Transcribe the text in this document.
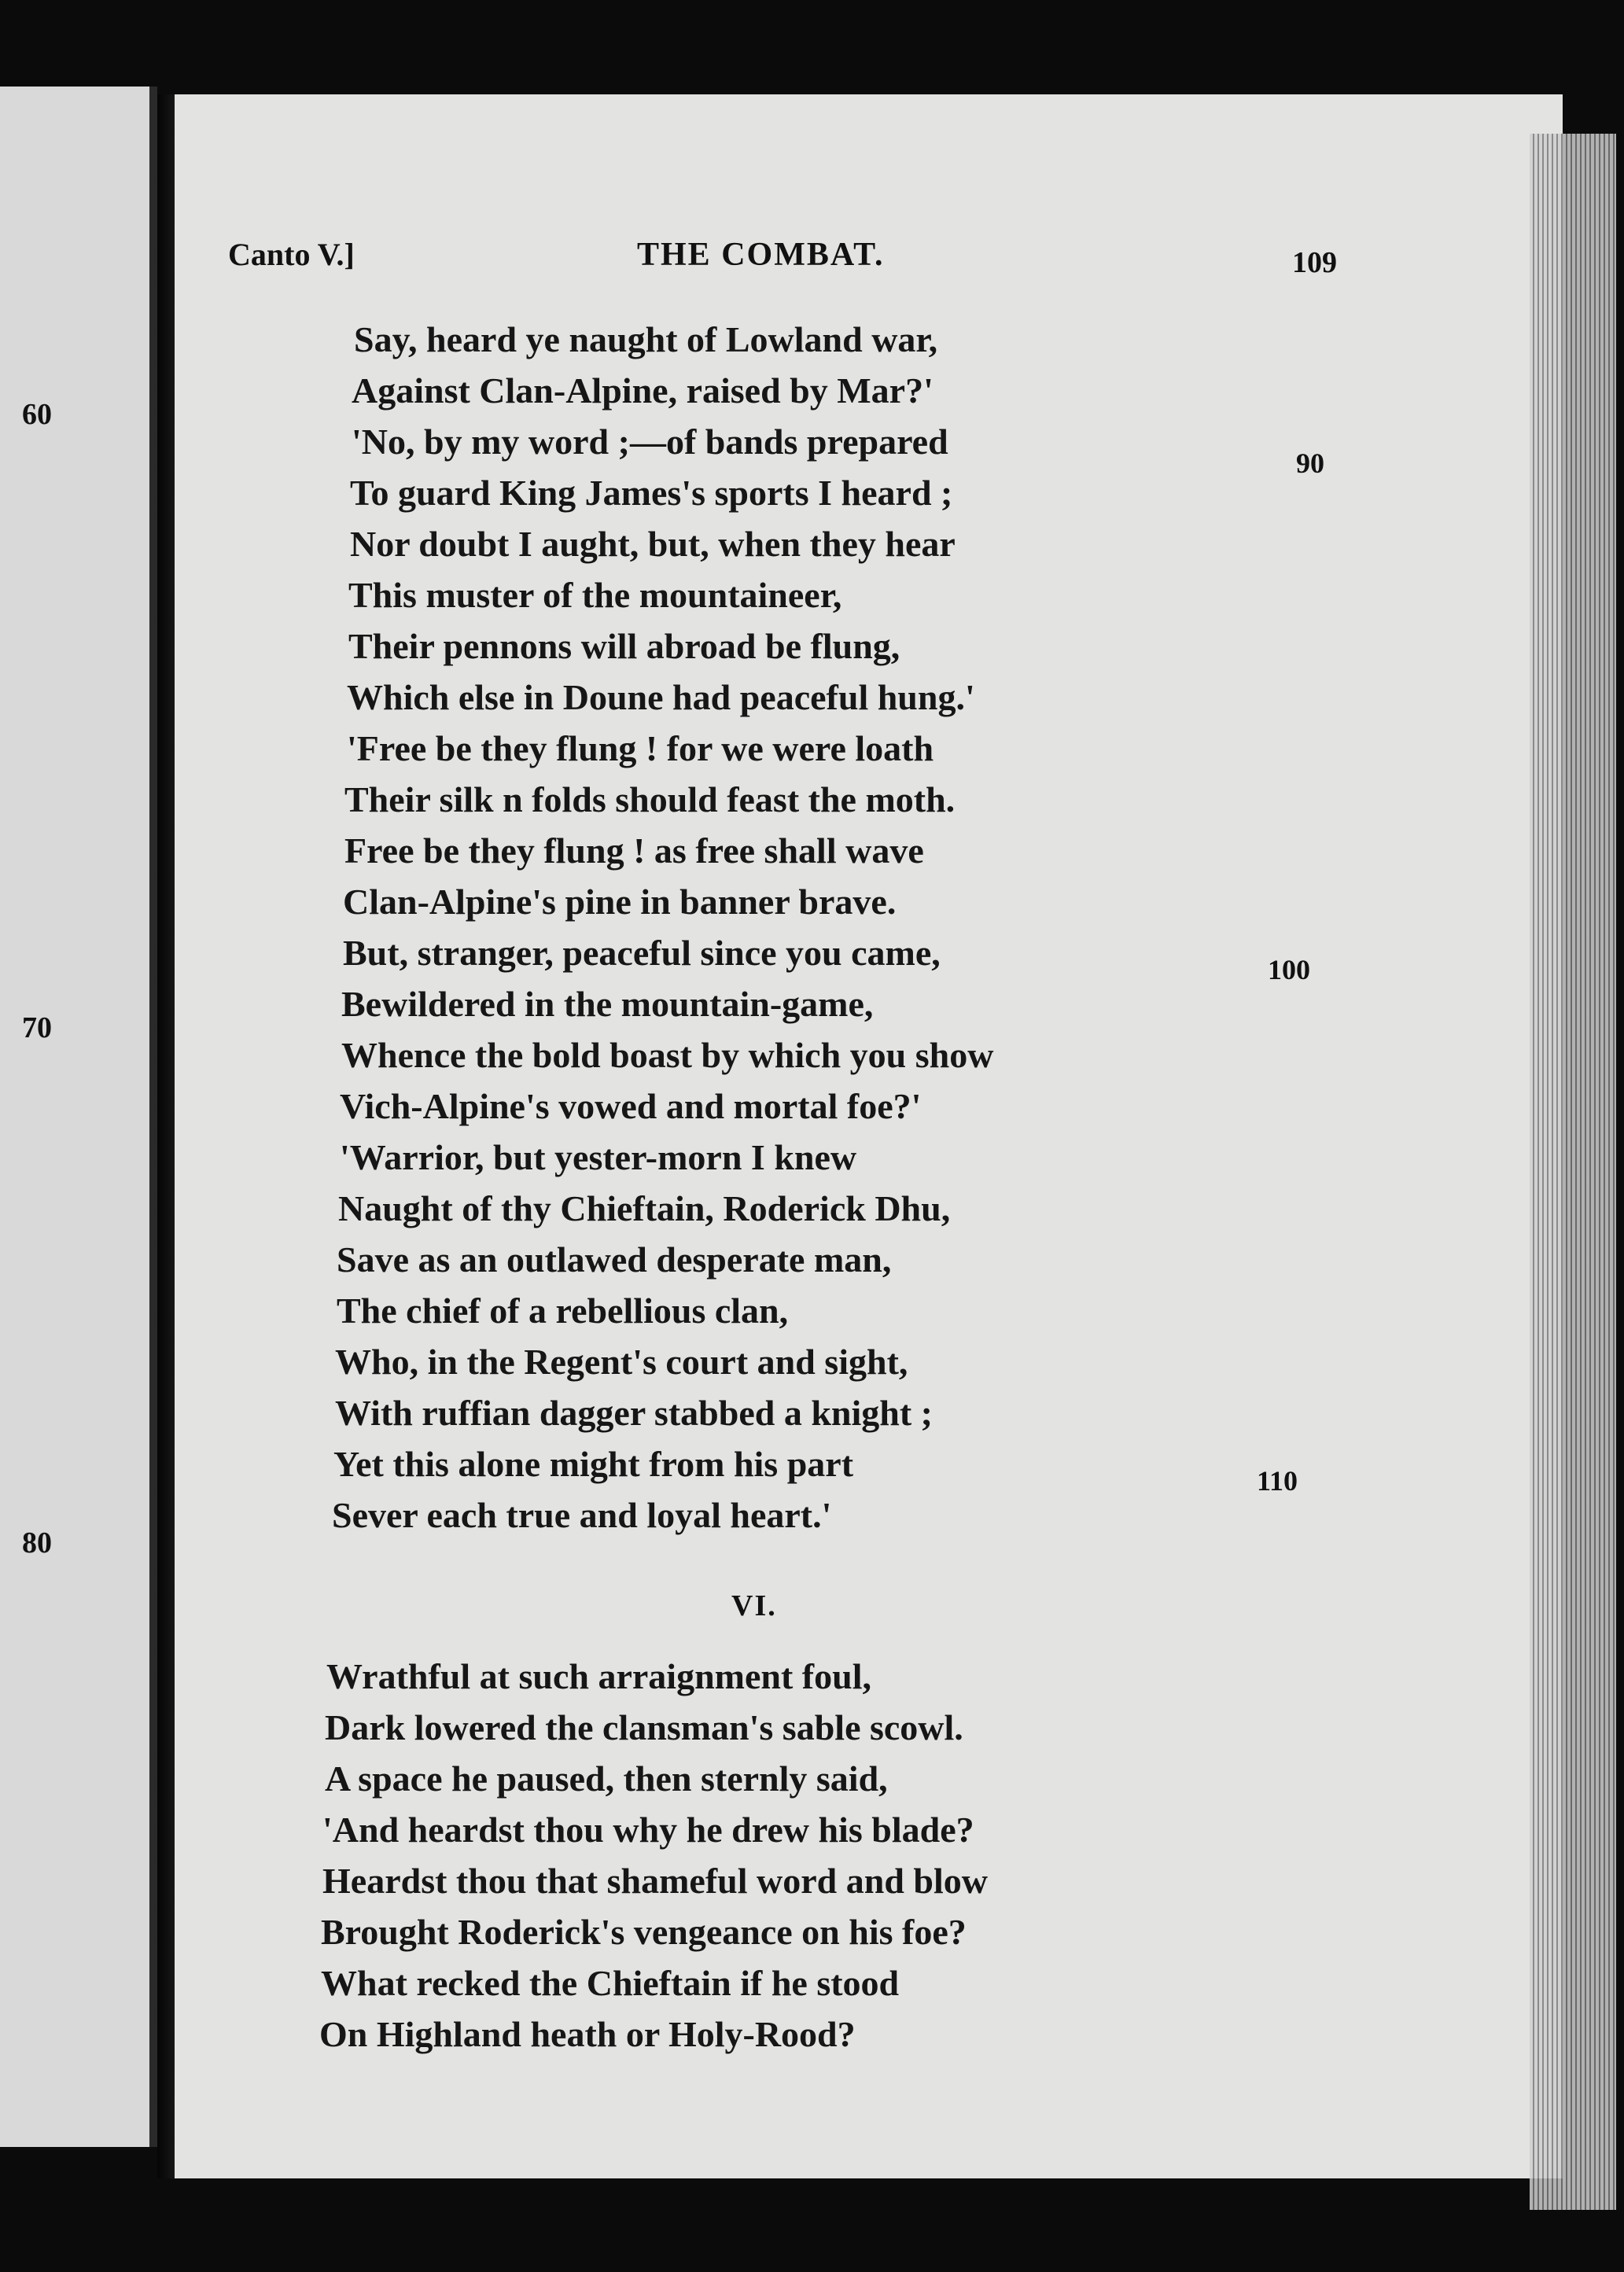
60
70
80
Canto V.]	THE COMBAT.	109
Say, heard ye naught of Lowland war,
Against Clan-Alpine, raised by Mar?'
'No, by my word ;—of bands prepared
To guard King James's sports I heard ;
Nor doubt I aught, but, when they hear
This muster of the mountaineer,
Their pennons will abroad be flung,
Which else in Doune had peaceful hung.'
'Free be they flung ! for we were loath
Their silk n folds should feast the moth.
Free be they flung ! as free shall wave
Clan-Alpine's pine in banner brave.
But, stranger, peaceful since you came,
Bewildered in the mountain-game,
Whence the bold boast by which you show
Vich-Alpine's vowed and mortal foe?'
'Warrior, but yester-morn I knew
Naught of thy Chieftain, Roderick Dhu,
Save as an outlawed desperate man,
The chief of a rebellious clan,
Who, in the Regent's court and sight,
With ruffian dagger stabbed a knight ;
Yet this alone might from his part
Sever each true and loyal heart.'
90
100
110
VI.
Wrathful at such arraignment foul,
Dark lowered the clansman's sable scowl.
A space he paused, then sternly said,
'And heardst thou why he drew his blade?
Heardst thou that shameful word and blow
Brought Roderick's vengeance on his foe?
What recked the Chieftain if he stood
On Highland heath or Holy-Rood?
